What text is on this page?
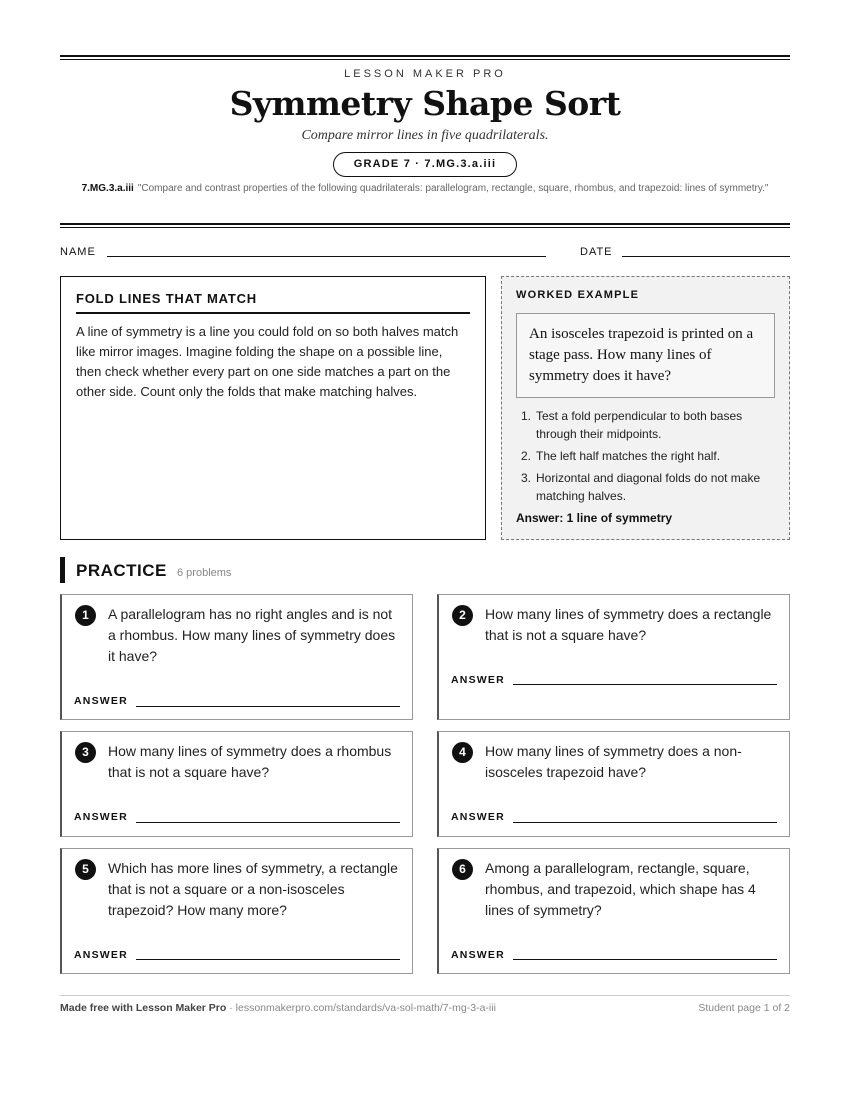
LESSON MAKER PRO
Symmetry Shape Sort
Compare mirror lines in five quadrilaterals.
GRADE 7 · 7.MG.3.a.iii
7.MG.3.a.iii "Compare and contrast properties of the following quadrilaterals: parallelogram, rectangle, square, rhombus, and trapezoid: lines of symmetry."
NAME	DATE
FOLD LINES THAT MATCH
A line of symmetry is a line you could fold on so both halves match like mirror images. Imagine folding the shape on a possible line, then check whether every part on one side matches a part on the other side. Count only the folds that make matching halves.
WORKED EXAMPLE
An isosceles trapezoid is printed on a stage pass. How many lines of symmetry does it have?
1. Test a fold perpendicular to both bases through their midpoints.
2. The left half matches the right half.
3. Horizontal and diagonal folds do not make matching halves.
Answer: 1 line of symmetry
PRACTICE 6 problems
1	A parallelogram has no right angles and is not a rhombus. How many lines of symmetry does it have?
ANSWER
2	How many lines of symmetry does a rectangle that is not a square have?
ANSWER
3	How many lines of symmetry does a rhombus that is not a square have?
ANSWER
4	How many lines of symmetry does a non-isosceles trapezoid have?
ANSWER
5	Which has more lines of symmetry, a rectangle that is not a square or a non-isosceles trapezoid? How many more?
ANSWER
6	Among a parallelogram, rectangle, square, rhombus, and trapezoid, which shape has 4 lines of symmetry?
ANSWER
Made free with Lesson Maker Pro · lessonmakerpro.com/standards/va-sol-math/7-mg-3-a-iii	Student page 1 of 2
